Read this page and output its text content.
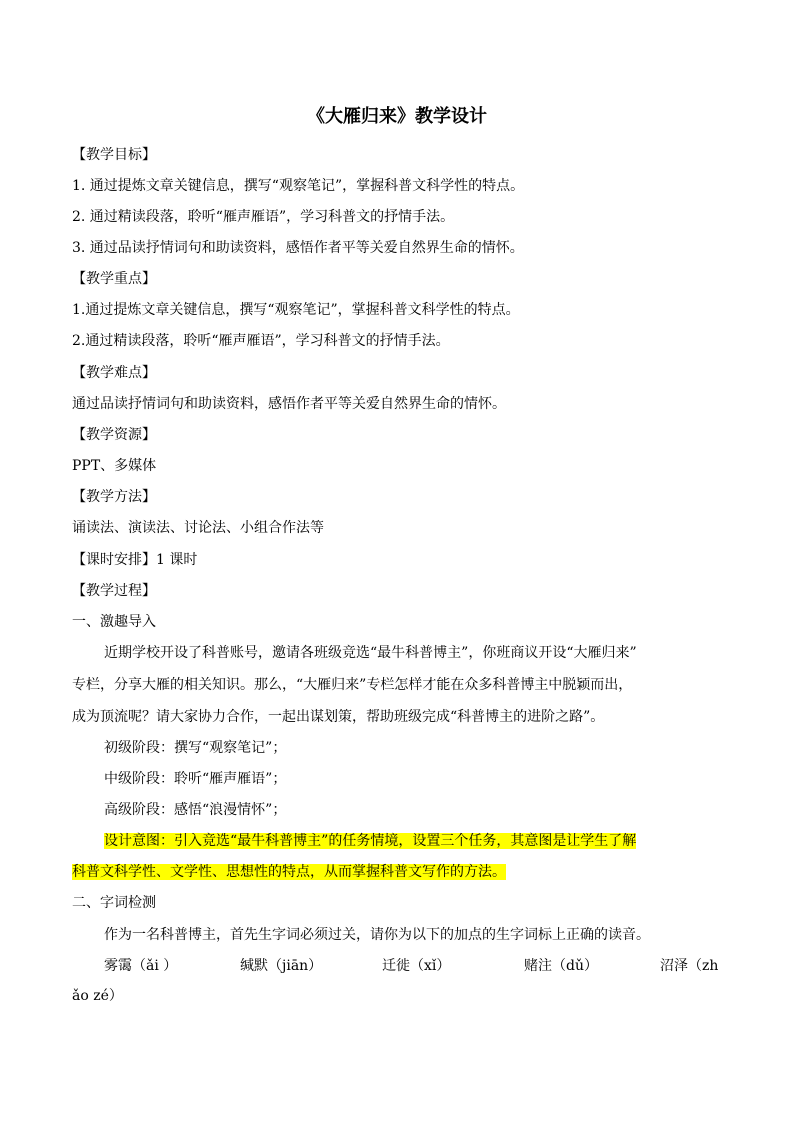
《大雁归来》教学设计
【教学目标】
1. 通过提炼文章关键信息，撰写“观察笔记”，掌握科普文科学性的特点。
2. 通过精读段落，聆听“雁声雁语”，学习科普文的抒情手法。
3. 通过品读抒情词句和助读资料，感悟作者平等关爱自然界生命的情怀。
【教学重点】
1.通过提炼文章关键信息，撰写“观察笔记”，掌握科普文科学性的特点。
2.通过精读段落，聆听“雁声雁语”，学习科普文的抒情手法。
【教学难点】
通过品读抒情词句和助读资料，感悟作者平等关爱自然界生命的情怀。
【教学资源】
PPT、多媒体
【教学方法】
诵读法、演读法、讨论法、小组合作法等
【课时安排】1 课时
【教学过程】
一、激趣导入
近期学校开设了科普账号，邀请各班级竞选“最牛科普博主”，你班商议开设“大雁归来”
专栏，分享大雁的相关知识。那么，“大雁归来”专栏怎样才能在众多科普博主中脱颖而出，
成为顶流呢？请大家协力合作，一起出谋划策，帮助班级完成“科普博主的进阶之路”。
初级阶段：撰写“观察笔记”；
中级阶段：聆听“雁声雁语”；
高级阶段：感悟“浪漫情怀”；
设计意图：引入竞选“最牛科普博主”的任务情境，设置三个任务，其意图是让学生了解
科普文科学性、文学性、思想性的特点，从而掌握科普文写作的方法。
二、字词检测
作为一名科普博主，首先生字词必须过关，请你为以下的加点的生字词标上正确的读音。
雾霭（ǎi ）	缄默（jiān）	迁徙（xǐ）	赌注（dǔ）	沼泽（zh
ǎo zé）
